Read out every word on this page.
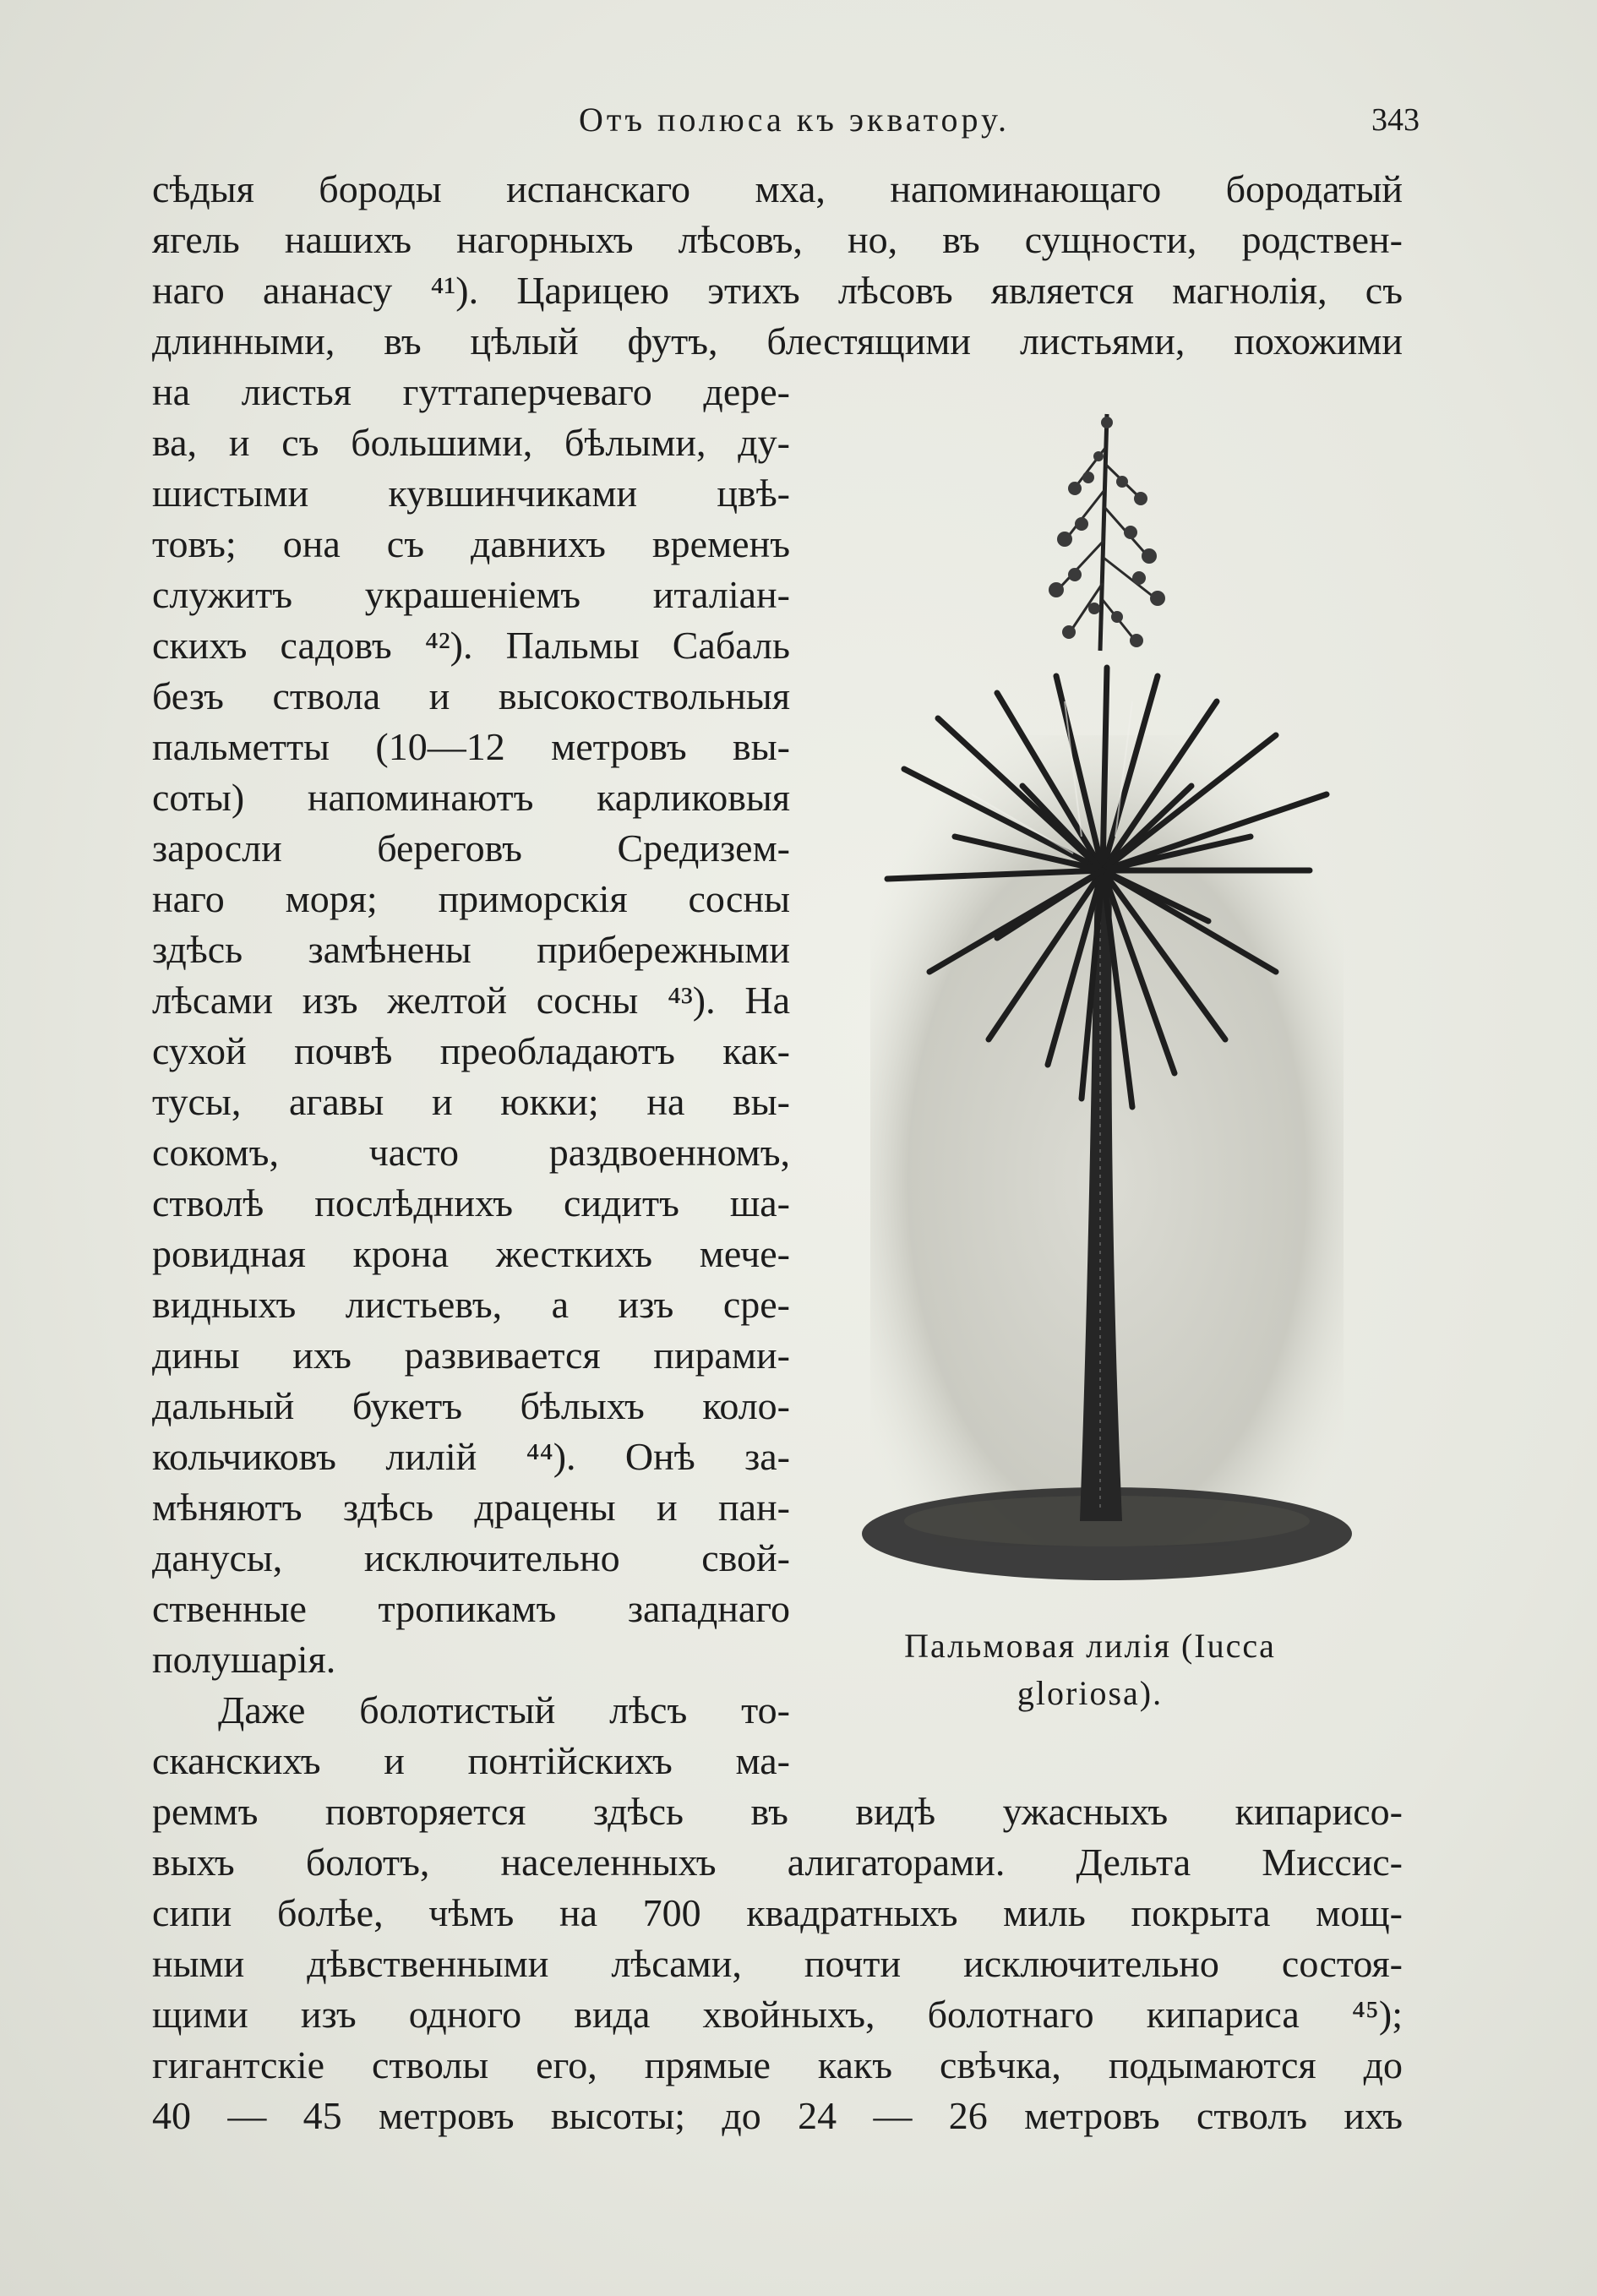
Отъ полюса къ экватору.	343
сѣдыя бороды испанскаго мха, напоминающаго бородатый
ягель нашихъ нагорныхъ лѣсовъ, но, въ сущности, родствен-
наго ананасу ⁴¹). Царицею этихъ лѣсовъ является магнолія, съ
длинными, въ цѣлый футъ, блестящими листьями, похожими
на листья гуттаперчеваго дере-
ва, и съ большими, бѣлыми, ду-
шистыми кувшинчиками цвѣ-
товъ; она съ давнихъ временъ
служитъ украшеніемъ италіан-
скихъ садовъ ⁴²). Пальмы Сабаль
безъ ствола и высокоствольныя
пальметты (10—12 метровъ вы-
соты) напоминаютъ карликовыя
заросли береговъ Средизем-
наго моря; приморскія сосны
здѣсь замѣнены прибережными
лѣсами изъ желтой сосны ⁴³). На
сухой почвѣ преобладаютъ как-
тусы, агавы и юкки; на вы-
сокомъ, часто раздвоенномъ,
стволѣ послѣднихъ сидитъ ша-
ровидная крона жесткихъ мече-
видныхъ листьевъ, а изъ сре-
дины ихъ развивается пирами-
дальный букетъ бѣлыхъ коло-
кольчиковъ лилій ⁴⁴). Онѣ за-
мѣняютъ здѣсь драцены и пан-
данусы, исключительно свой-
ственные тропикамъ западнаго
полушарія.
Даже болотистый лѣсъ то-
сканскихъ и понтійскихъ ма-
реммъ повторяется здѣсь въ видѣ ужасныхъ кипарисо-
выхъ болотъ, населенныхъ алигаторами. Дельта Миссис-
сипи болѣе, чѣмъ на 700 квадратныхъ миль покрыта мощ-
ными дѣвственными лѣсами, почти исключительно состоя-
щими изъ одного вида хвойныхъ, болотнаго кипариса ⁴⁵);
гигантскіе стволы его, прямые какъ свѣчка, подымаются до
40 — 45 метровъ высоты; до 24 — 26 метровъ стволъ ихъ
Пальмовая лилія (Iucca
gloriosa).
